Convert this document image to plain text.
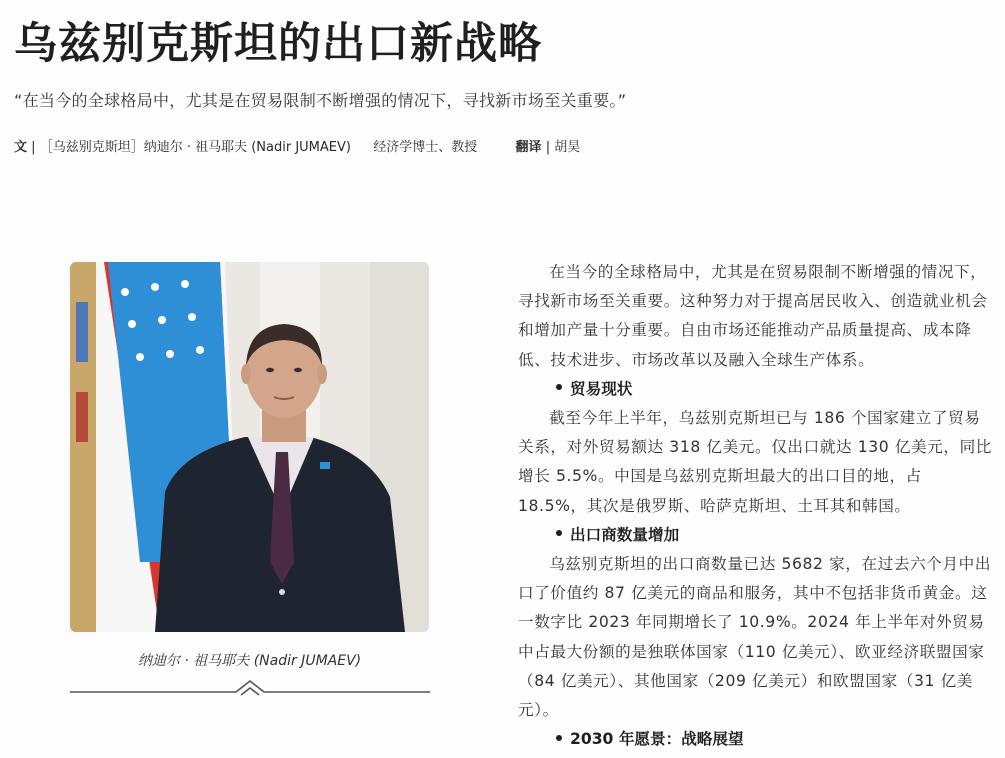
乌兹别克斯坦的出口新战略

“在当今的全球格局中，尤其是在贸易限制不断增强的情况下，寻找新市场至关重要。”

文 | ［乌兹别克斯坦］纳迪尔 · 祖马耶夫 (Nadir JUMAEV) 经济学博士、教授	翻译 | 胡昊
纳迪尔 · 祖马耶夫 (Nadir JUMAEV)

在当今的全球格局中，尤其是在贸易限制不断增强的情况下，寻找新市场至关重要。这种努力对于提高居民收入、创造就业机会和增加产量十分重要。自由市场还能推动产品质量提高、成本降低、技术进步、市场改革以及融入全球生产体系。

贸易现状

截至今年上半年，乌兹别克斯坦已与 186 个国家建立了贸易关系，对外贸易额达 318 亿美元。仅出口就达 130 亿美元，同比增长 5.5%。中国是乌兹别克斯坦最大的出口目的地，占 18.5%，其次是俄罗斯、哈萨克斯坦、土耳其和韩国。

出口商数量增加

乌兹别克斯坦的出口商数量已达 5682 家，在过去六个月中出口了价值约 87 亿美元的商品和服务，其中不包括非货币黄金。这一数字比 2023 年同期增长了 10.9%。2024 年上半年对外贸易中占最大份额的是独联体国家（110 亿美元）、欧亚经济联盟国家（84 亿美元）、其他国家（209 亿美元）和欧盟国家（31 亿美元）。

2030 年愿景：战略展望
